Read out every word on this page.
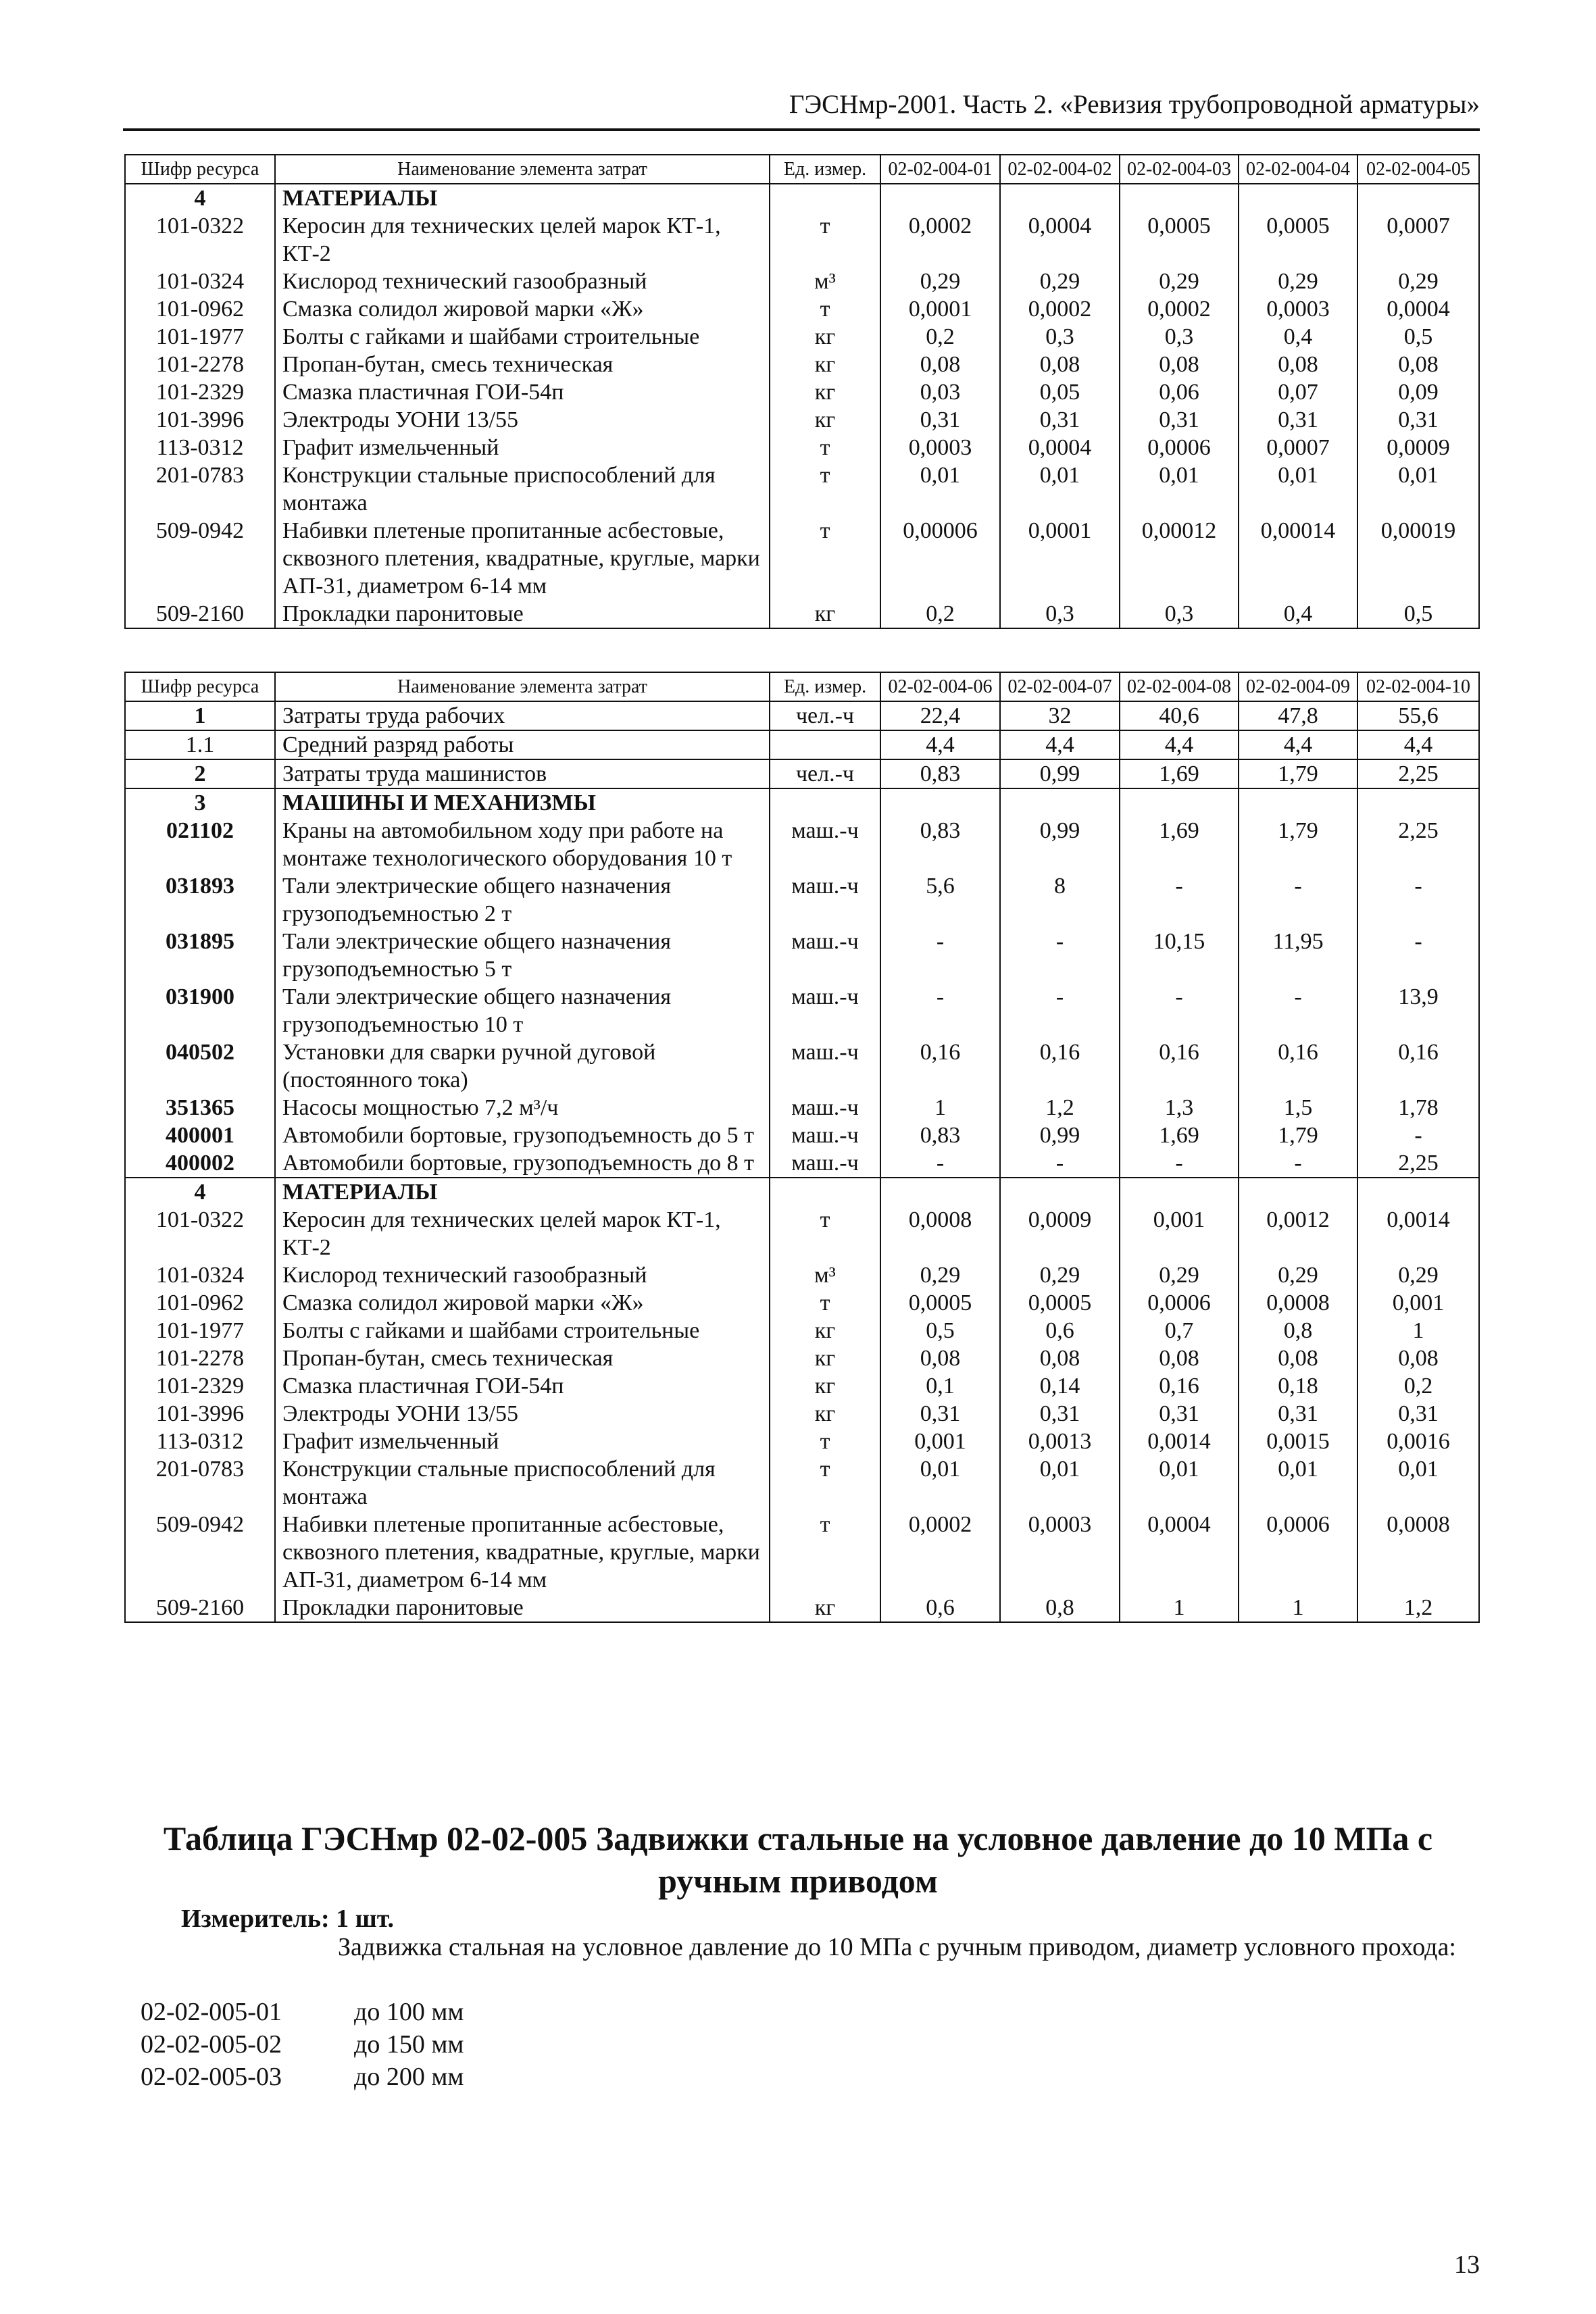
ГЭСНмр-2001. Часть 2. «Ревизия трубопроводной арматуры»
Шифр ресурса	Наименование элемента затрат	Ед. измер.	02-02-004-01	02-02-004-02	02-02-004-03	02-02-004-04	02-02-004-05
4	МАТЕРИАЛЫ						
101-0322	Керосин для технических целей марок КТ-1, КТ-2	т	0,0002	0,0004	0,0005	0,0005	0,0007
101-0324	Кислород технический газообразный	м³	0,29	0,29	0,29	0,29	0,29
101-0962	Смазка солидол жировой марки «Ж»	т	0,0001	0,0002	0,0002	0,0003	0,0004
101-1977	Болты с гайками и шайбами строительные	кг	0,2	0,3	0,3	0,4	0,5
101-2278	Пропан-бутан, смесь техническая	кг	0,08	0,08	0,08	0,08	0,08
101-2329	Смазка пластичная ГОИ-54п	кг	0,03	0,05	0,06	0,07	0,09
101-3996	Электроды УОНИ 13/55	кг	0,31	0,31	0,31	0,31	0,31
113-0312	Графит измельченный	т	0,0003	0,0004	0,0006	0,0007	0,0009
201-0783	Конструкции стальные приспособлений для монтажа	т	0,01	0,01	0,01	0,01	0,01
509-0942	Набивки плетеные пропитанные асбестовые, сквозного плетения, квадратные, круглые, марки АП-31, диаметром 6-14 мм	т	0,00006	0,0001	0,00012	0,00014	0,00019
509-2160	Прокладки паронитовые	кг	0,2	0,3	0,3	0,4	0,5
Шифр ресурса	Наименование элемента затрат	Ед. измер.	02-02-004-06	02-02-004-07	02-02-004-08	02-02-004-09	02-02-004-10
1	Затраты труда рабочих	чел.-ч	22,4	32	40,6	47,8	55,6
1.1	Средний разряд работы		4,4	4,4	4,4	4,4	4,4
2	Затраты труда машинистов	чел.-ч	0,83	0,99	1,69	1,79	2,25
3	МАШИНЫ И МЕХАНИЗМЫ						
021102	Краны на автомобильном ходу при работе на монтаже технологического оборудования 10 т	маш.-ч	0,83	0,99	1,69	1,79	2,25
031893	Тали электрические общего назначения грузоподъемностью 2 т	маш.-ч	5,6	8	-	-	-
031895	Тали электрические общего назначения грузоподъемностью 5 т	маш.-ч	-	-	10,15	11,95	-
031900	Тали электрические общего назначения грузоподъемностью 10 т	маш.-ч	-	-	-	-	13,9
040502	Установки для сварки ручной дуговой (постоянного тока)	маш.-ч	0,16	0,16	0,16	0,16	0,16
351365	Насосы мощностью 7,2 м³/ч	маш.-ч	1	1,2	1,3	1,5	1,78
400001	Автомобили бортовые, грузоподъемность до 5 т	маш.-ч	0,83	0,99	1,69	1,79	-
400002	Автомобили бортовые, грузоподъемность до 8 т	маш.-ч	-	-	-	-	2,25
4	МАТЕРИАЛЫ						
101-0322	Керосин для технических целей марок КТ-1, КТ-2	т	0,0008	0,0009	0,001	0,0012	0,0014
101-0324	Кислород технический газообразный	м³	0,29	0,29	0,29	0,29	0,29
101-0962	Смазка солидол жировой марки «Ж»	т	0,0005	0,0005	0,0006	0,0008	0,001
101-1977	Болты с гайками и шайбами строительные	кг	0,5	0,6	0,7	0,8	1
101-2278	Пропан-бутан, смесь техническая	кг	0,08	0,08	0,08	0,08	0,08
101-2329	Смазка пластичная ГОИ-54п	кг	0,1	0,14	0,16	0,18	0,2
101-3996	Электроды УОНИ 13/55	кг	0,31	0,31	0,31	0,31	0,31
113-0312	Графит измельченный	т	0,001	0,0013	0,0014	0,0015	0,0016
201-0783	Конструкции стальные приспособлений для монтажа	т	0,01	0,01	0,01	0,01	0,01
509-0942	Набивки плетеные пропитанные асбестовые, сквозного плетения, квадратные, круглые, марки АП-31, диаметром 6-14 мм	т	0,0002	0,0003	0,0004	0,0006	0,0008
509-2160	Прокладки паронитовые	кг	0,6	0,8	1	1	1,2
Таблица ГЭСНмр 02-02-005 Задвижки стальные на условное давление до 10 МПа с ручным приводом
Измеритель: 1 шт.
Задвижка стальная на условное давление до 10 МПа с ручным приводом, диаметр условного прохода:
02-02-005-01	до 100 мм
02-02-005-02	до 150 мм
02-02-005-03	до 200 мм
13
